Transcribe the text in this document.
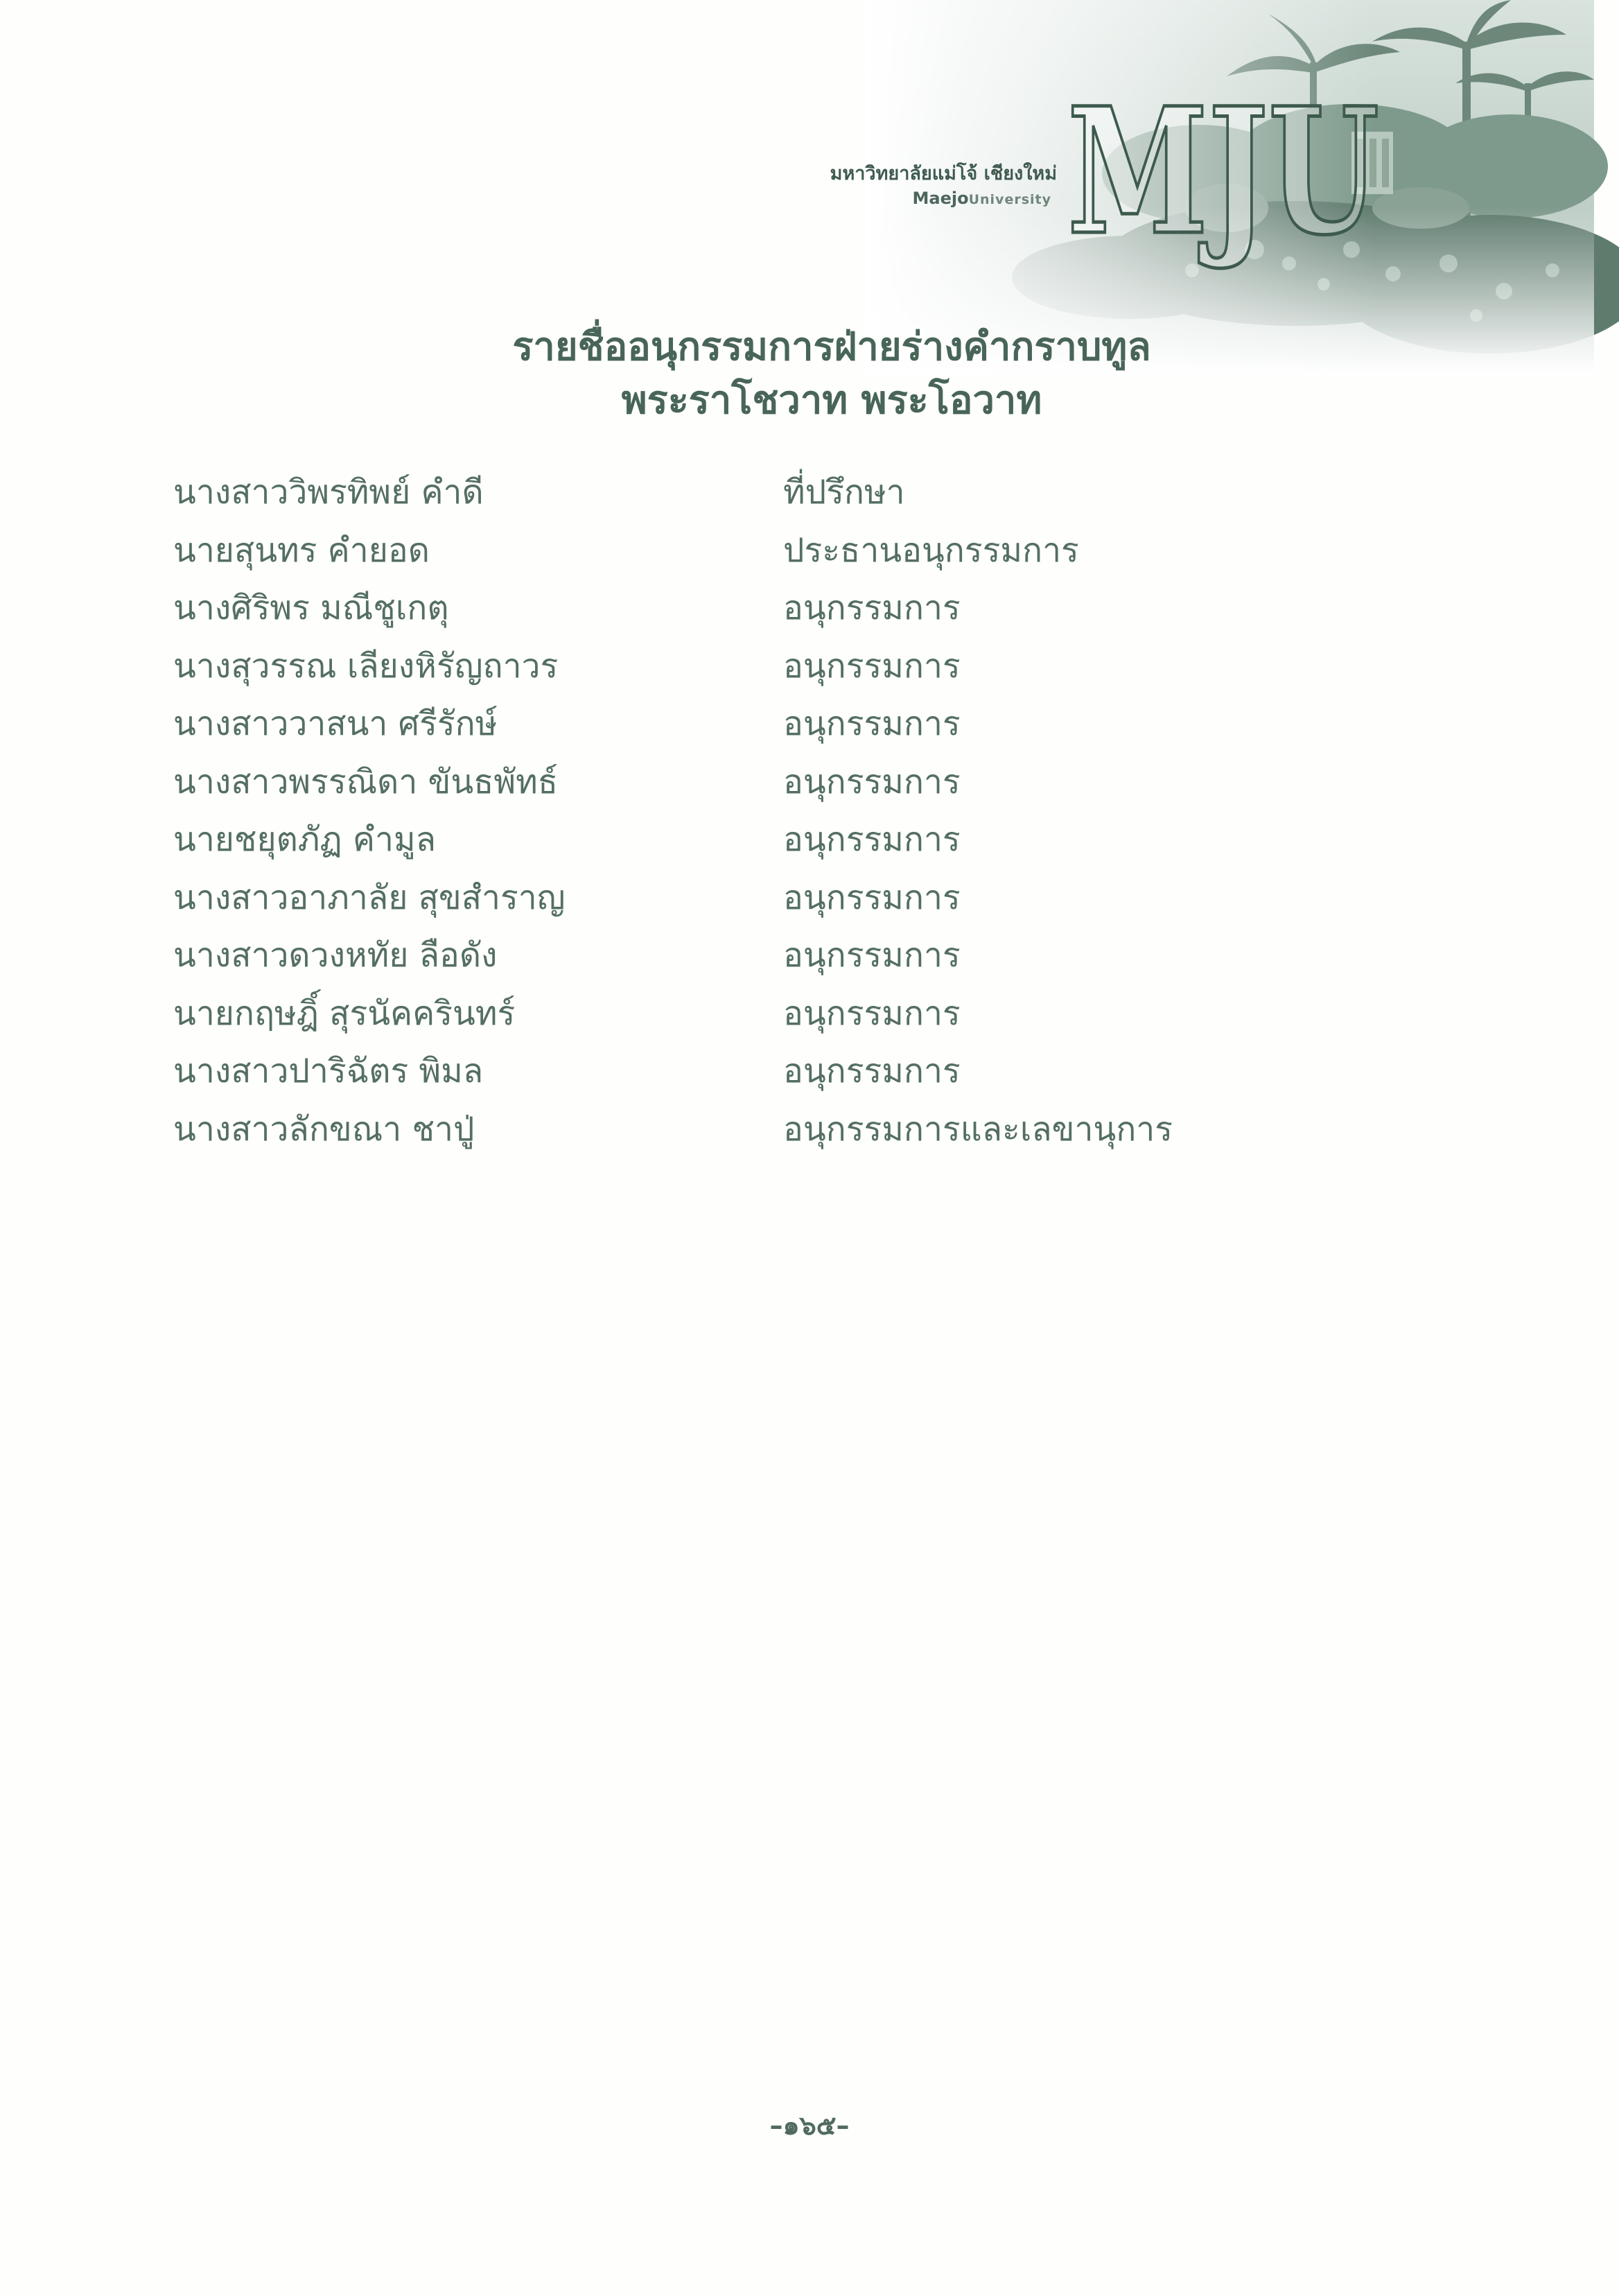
มหาวิทยาลัยแม่โจ้ เชียงใหม่
MaejoUniversity MJU
รายชื่ออนุกรรมการฝ่ายร่างคำกราบทูล
พระราโชวาท พระโอวาท
นางสาววิพรทิพย์ คำดี	ที่ปรึกษา
นายสุนทร คำยอด	ประธานอนุกรรมการ
นางศิริพร มณีชูเกตุ	อนุกรรมการ
นางสุวรรณ เลียงหิรัญถาวร	อนุกรรมการ
นางสาววาสนา ศรีรักษ์	อนุกรรมการ
นางสาวพรรณิดา ขันธพัทธ์	อนุกรรมการ
นายชยุตภัฏ คำมูล	อนุกรรมการ
นางสาวอาภาลัย สุขสำราญ	อนุกรรมการ
นางสาวดวงหทัย ลือดัง	อนุกรรมการ
นายกฤษฎิ์ สุรนัคครินทร์	อนุกรรมการ
นางสาวปาริฉัตร พิมล	อนุกรรมการ
นางสาวลักขณา ชาปู่	อนุกรรมการและเลขานุการ
–๑๖๕–
